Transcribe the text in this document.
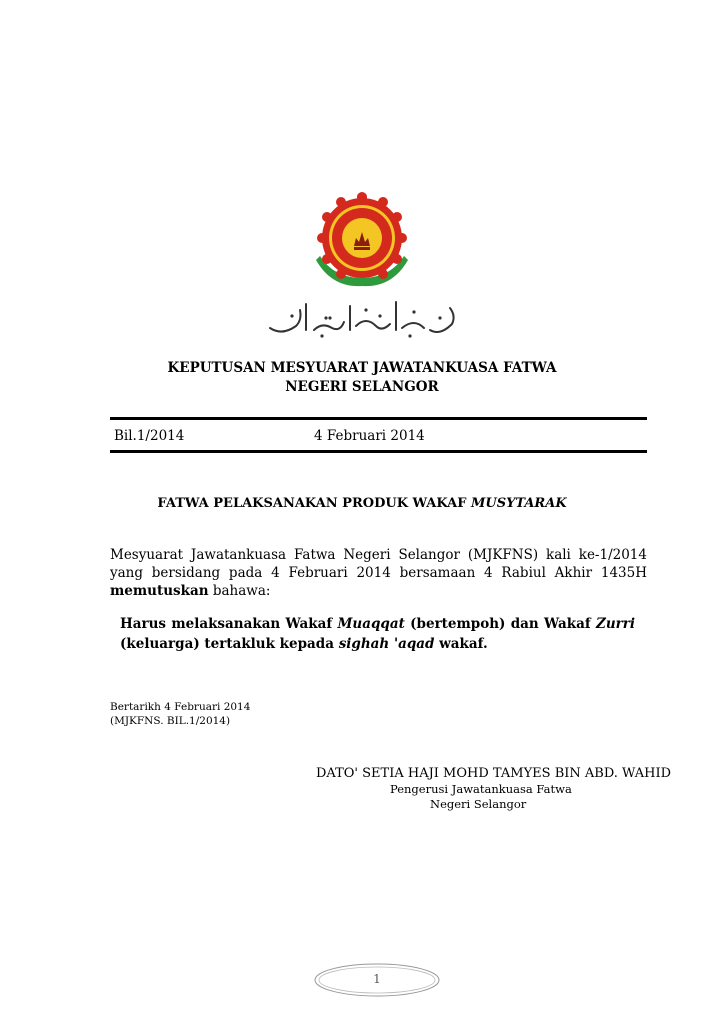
KEPUTUSAN MESYUARAT JAWATANKUASA FATWA
NEGERI SELANGOR
Bil.1/2014	4 Februari 2014
FATWA PELAKSANAKAN PRODUK WAKAF MUSYTARAK
Mesyuarat Jawatankuasa Fatwa Negeri Selangor (MJKFNS) kali ke-1/2014 yang bersidang pada 4 Februari 2014 bersamaan 4 Rabiul Akhir 1435H memutuskan bahawa:
Harus melaksanakan Wakaf Muaqqat (bertempoh) dan Wakaf Zurri (keluarga) tertakluk kepada sighah 'aqad wakaf.
Bertarikh 4 Februari 2014
(MJKFNS. BIL.1/2014)
DATO' SETIA HAJI MOHD TAMYES BIN ABD. WAHID
Pengerusi Jawatankuasa Fatwa
Negeri Selangor
1
